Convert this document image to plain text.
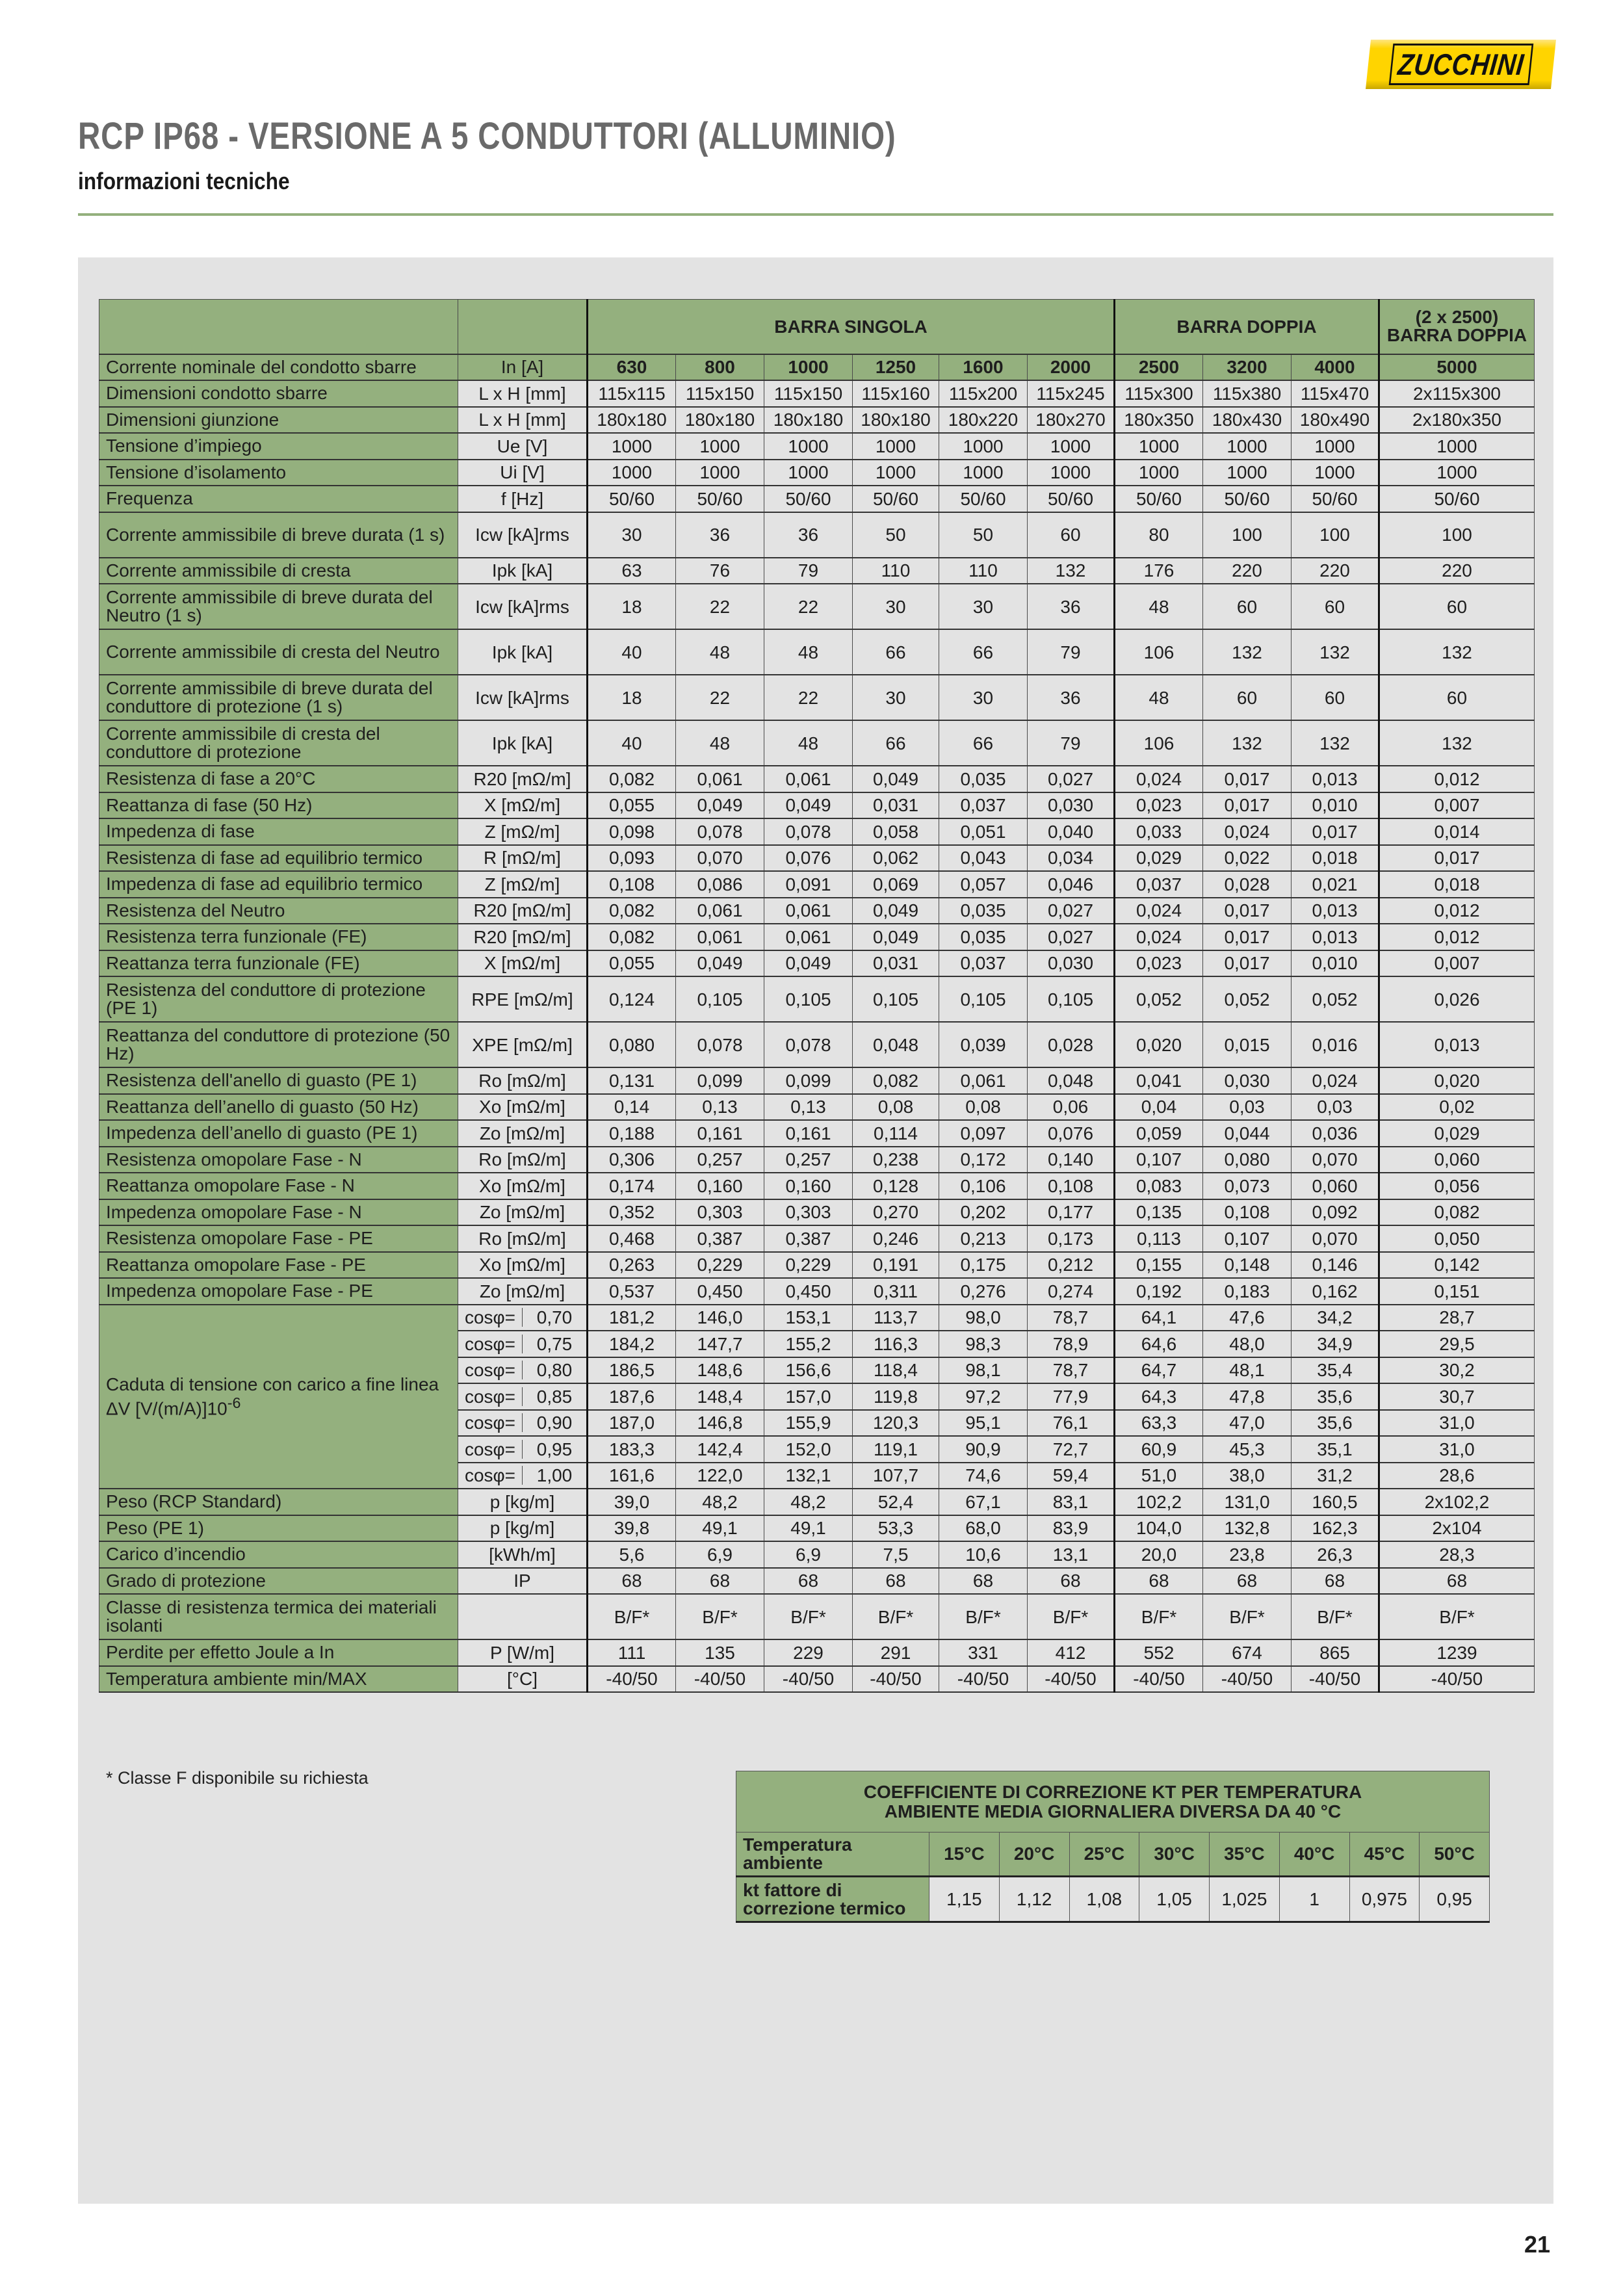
ZUCCHINI
RCP IP68 - VERSIONE A 5 CONDUTTORI (ALLUMINIO)
informazioni tecniche
		BARRA SINGOLA						BARRA DOPPIA			(2 x 2500)
BARRA DOPPIA
Corrente nominale del condotto sbarre	In [A]	630	800	1000	1250	1600	2000	2500	3200	4000	5000
Dimensioni condotto sbarre	L x H [mm]	115x115	115x150	115x150	115x160	115x200	115x245	115x300	115x380	115x470	2x115x300
Dimensioni giunzione	L x H [mm]	180x180	180x180	180x180	180x180	180x220	180x270	180x350	180x430	180x490	2x180x350
Tensione d’impiego	Ue [V]	1000	1000	1000	1000	1000	1000	1000	1000	1000	1000
Tensione d’isolamento	Ui [V]	1000	1000	1000	1000	1000	1000	1000	1000	1000	1000
Frequenza	f [Hz]	50/60	50/60	50/60	50/60	50/60	50/60	50/60	50/60	50/60	50/60
Corrente ammissibile di breve durata (1 s)	Icw [kA]rms	30	36	36	50	50	60	80	100	100	100
Corrente ammissibile di cresta	Ipk [kA]	63	76	79	110	110	132	176	220	220	220
Corrente ammissibile di breve durata del Neutro (1 s)	Icw [kA]rms	18	22	22	30	30	36	48	60	60	60
Corrente ammissibile di cresta del Neutro	Ipk [kA]	40	48	48	66	66	79	106	132	132	132
Corrente ammissibile di breve durata del conduttore di protezione (1 s)	Icw [kA]rms	18	22	22	30	30	36	48	60	60	60
Corrente ammissibile di cresta del conduttore di protezione	Ipk [kA]	40	48	48	66	66	79	106	132	132	132
Resistenza di fase a 20°C	R20 [mΩ/m]	0,082	0,061	0,061	0,049	0,035	0,027	0,024	0,017	0,013	0,012
Reattanza di fase (50 Hz)	X [mΩ/m]	0,055	0,049	0,049	0,031	0,037	0,030	0,023	0,017	0,010	0,007
Impedenza di fase	Z [mΩ/m]	0,098	0,078	0,078	0,058	0,051	0,040	0,033	0,024	0,017	0,014
Resistenza di fase ad equilibrio termico	R [mΩ/m]	0,093	0,070	0,076	0,062	0,043	0,034	0,029	0,022	0,018	0,017
Impedenza di fase ad equilibrio termico	Z [mΩ/m]	0,108	0,086	0,091	0,069	0,057	0,046	0,037	0,028	0,021	0,018
Resistenza del Neutro	R20 [mΩ/m]	0,082	0,061	0,061	0,049	0,035	0,027	0,024	0,017	0,013	0,012
Resistenza terra funzionale (FE)	R20 [mΩ/m]	0,082	0,061	0,061	0,049	0,035	0,027	0,024	0,017	0,013	0,012
Reattanza terra funzionale (FE)	X [mΩ/m]	0,055	0,049	0,049	0,031	0,037	0,030	0,023	0,017	0,010	0,007
Resistenza del conduttore di protezione (PE 1)	RPE [mΩ/m]	0,124	0,105	0,105	0,105	0,105	0,105	0,052	0,052	0,052	0,026
Reattanza del conduttore di protezione (50 Hz)	XPE [mΩ/m]	0,080	0,078	0,078	0,048	0,039	0,028	0,020	0,015	0,016	0,013
Resistenza dell'anello di guasto (PE 1)	Ro [mΩ/m]	0,131	0,099	0,099	0,082	0,061	0,048	0,041	0,030	0,024	0,020
Reattanza dell’anello di guasto (50 Hz)	Xo [mΩ/m]	0,14	0,13	0,13	0,08	0,08	0,06	0,04	0,03	0,03	0,02
Impedenza dell’anello di guasto (PE 1)	Zo [mΩ/m]	0,188	0,161	0,161	0,114	0,097	0,076	0,059	0,044	0,036	0,029
Resistenza omopolare Fase - N	Ro [mΩ/m]	0,306	0,257	0,257	0,238	0,172	0,140	0,107	0,080	0,070	0,060
Reattanza omopolare Fase - N	Xo [mΩ/m]	0,174	0,160	0,160	0,128	0,106	0,108	0,083	0,073	0,060	0,056
Impedenza omopolare Fase - N	Zo [mΩ/m]	0,352	0,303	0,303	0,270	0,202	0,177	0,135	0,108	0,092	0,082
Resistenza omopolare Fase - PE	Ro [mΩ/m]	0,468	0,387	0,387	0,246	0,213	0,173	0,113	0,107	0,070	0,050
Reattanza omopolare Fase - PE	Xo [mΩ/m]	0,263	0,229	0,229	0,191	0,175	0,212	0,155	0,148	0,146	0,142
Impedenza omopolare Fase - PE	Zo [mΩ/m]	0,537	0,450	0,450	0,311	0,276	0,274	0,192	0,183	0,162	0,151
Caduta di tensione con carico a fine linea ΔV $[V/(m/A)]10^{-6}$	cosφ= 0,70	181,2	146,0	153,1	113,7	98,0	78,7	64,1	47,6	34,2	28,7

cosφ= 0,75	184,2	147,7	155,2	116,3	98,3	78,9	64,6	48,0	34,9	29,5

cosφ= 0,80	186,5	148,6	156,6	118,4	98,1	78,7	64,7	48,1	35,4	30,2

cosφ= 0,85	187,6	148,4	157,0	119,8	97,2	77,9	64,3	47,8	35,6	30,7

cosφ= 0,90	187,0	146,8	155,9	120,3	95,1	76,1	63,3	47,0	35,6	31,0

cosφ= 0,95	183,3	142,4	152,0	119,1	90,9	72,7	60,9	45,3	35,1	31,0

cosφ= 1,00	161,6	122,0	132,1	107,7	74,6	59,4	51,0	38,0	31,2	28,6
Peso (RCP Standard)	p [kg/m]	39,0	48,2	48,2	52,4	67,1	83,1	102,2	131,0	160,5	2x102,2
Peso (PE 1)	p [kg/m]	39,8	49,1	49,1	53,3	68,0	83,9	104,0	132,8	162,3	2x104
Carico d’incendio	[kWh/m]	5,6	6,9	6,9	7,5	10,6	13,1	20,0	23,8	26,3	28,3
Grado di protezione	IP	68	68	68	68	68	68	68	68	68	68
Classe di resistenza termica dei materiali isolanti		B/F*	B/F*	B/F*	B/F*	B/F*	B/F*	B/F*	B/F*	B/F*	B/F*
Perdite per effetto Joule a In	P [W/m]	111	135	229	291	331	412	552	674	865	1239
Temperatura ambiente min/MAX	[°C]	-40/50	-40/50	-40/50	-40/50	-40/50	-40/50	-40/50	-40/50	-40/50	-40/50
* Classe F disponibile su richiesta
COEFFICIENTE DI CORREZIONE KT PER TEMPERATURA
AMBIENTE MEDIA GIORNALIERA DIVERSA DA 40 °C								
Temperatura ambiente	15°C	20°C	25°C	30°C	35°C	40°C	45°C	50°C
kt fattore di correzione termico	1,15	1,12	1,08	1,05	1,025	1	0,975	0,95
21
